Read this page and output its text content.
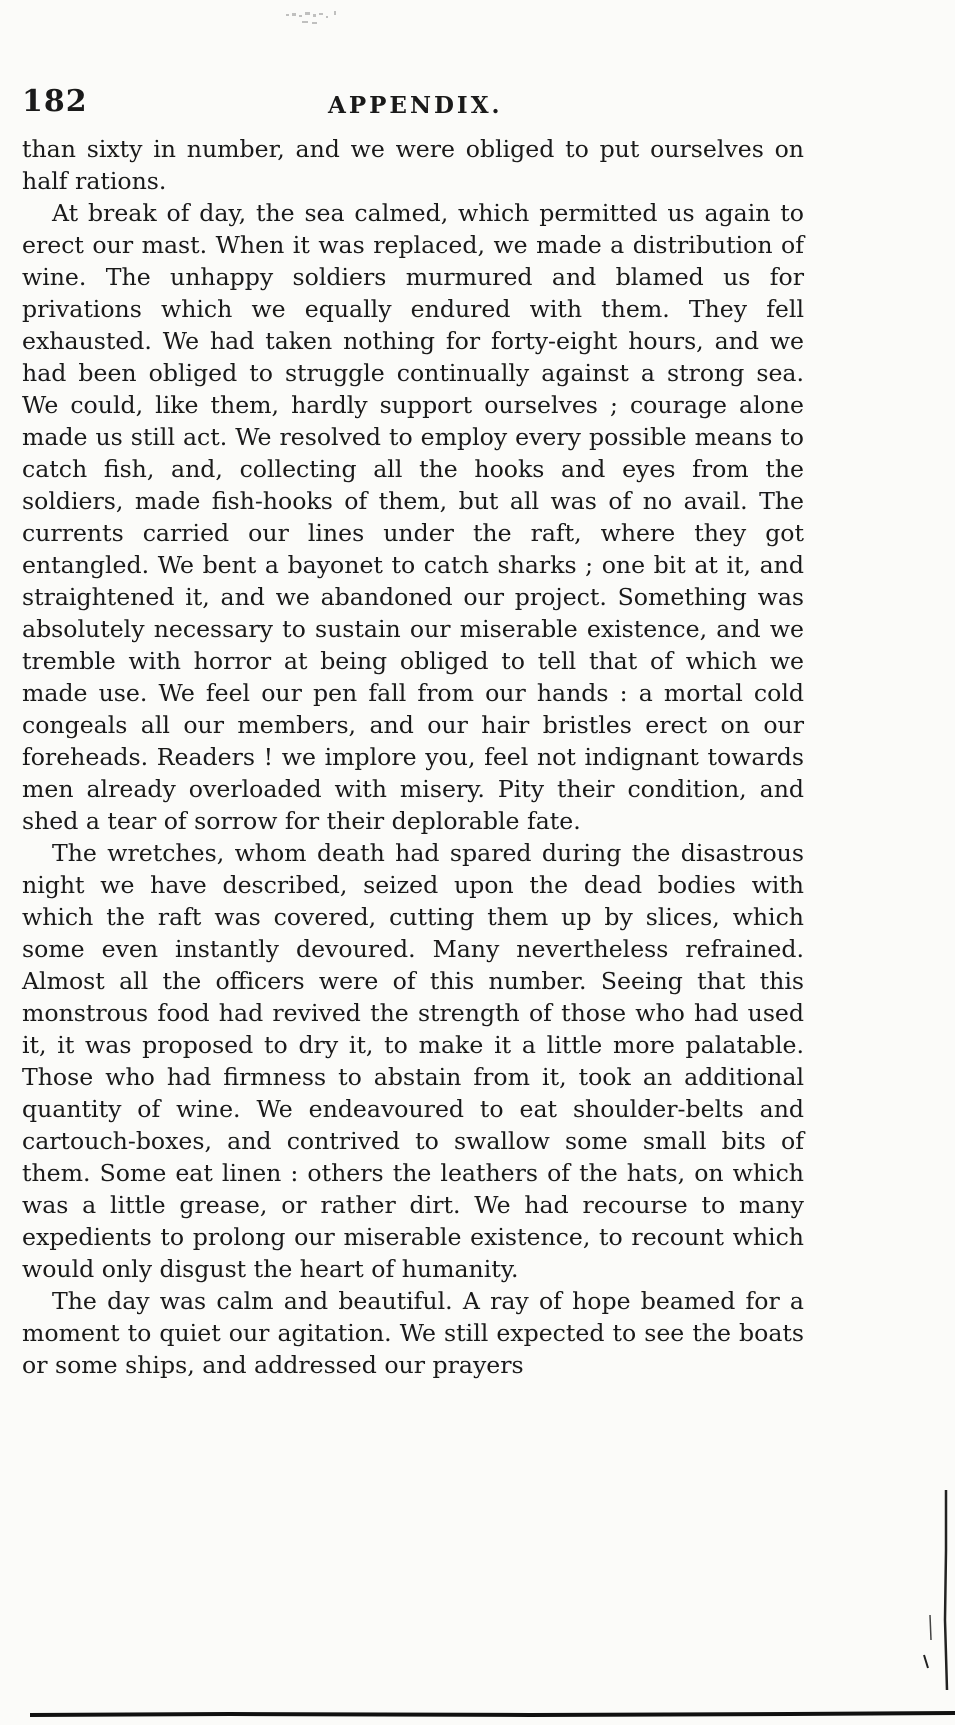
182	APPENDIX.

than sixty in number, and we were obliged to put ourselves on half rations.

At break of day, the sea calmed, which permitted us again to erect our mast. When it was replaced, we made a distribution of wine. The unhappy soldiers murmured and blamed us for privations which we equally endured with them. They fell exhausted. We had taken nothing for forty-eight hours, and we had been obliged to struggle continually against a strong sea. We could, like them, hardly support ourselves ; courage alone made us still act. We resolved to employ every possible means to catch fish, and, collecting all the hooks and eyes from the soldiers, made fish-hooks of them, but all was of no avail. The currents carried our lines under the raft, where they got entangled. We bent a bayonet to catch sharks ; one bit at it, and straightened it, and we abandoned our project. Something was absolutely necessary to sustain our miserable existence, and we tremble with horror at being obliged to tell that of which we made use. We feel our pen fall from our hands : a mortal cold congeals all our members, and our hair bristles erect on our foreheads. Readers ! we implore you, feel not indignant towards men already overloaded with misery. Pity their condition, and shed a tear of sorrow for their deplorable fate.

The wretches, whom death had spared during the disastrous night we have described, seized upon the dead bodies with which the raft was covered, cutting them up by slices, which some even instantly devoured. Many nevertheless refrained. Almost all the officers were of this number. Seeing that this monstrous food had revived the strength of those who had used it, it was proposed to dry it, to make it a little more palatable. Those who had firmness to abstain from it, took an additional quantity of wine. We endeavoured to eat shoulder-belts and cartouch-boxes, and contrived to swallow some small bits of them. Some eat linen : others the leathers of the hats, on which was a little grease, or rather dirt. We had recourse to many expedients to prolong our miserable existence, to recount which would only disgust the heart of humanity.

The day was calm and beautiful. A ray of hope beamed for a moment to quiet our agitation. We still expected to see the boats or some ships, and addressed our prayers
